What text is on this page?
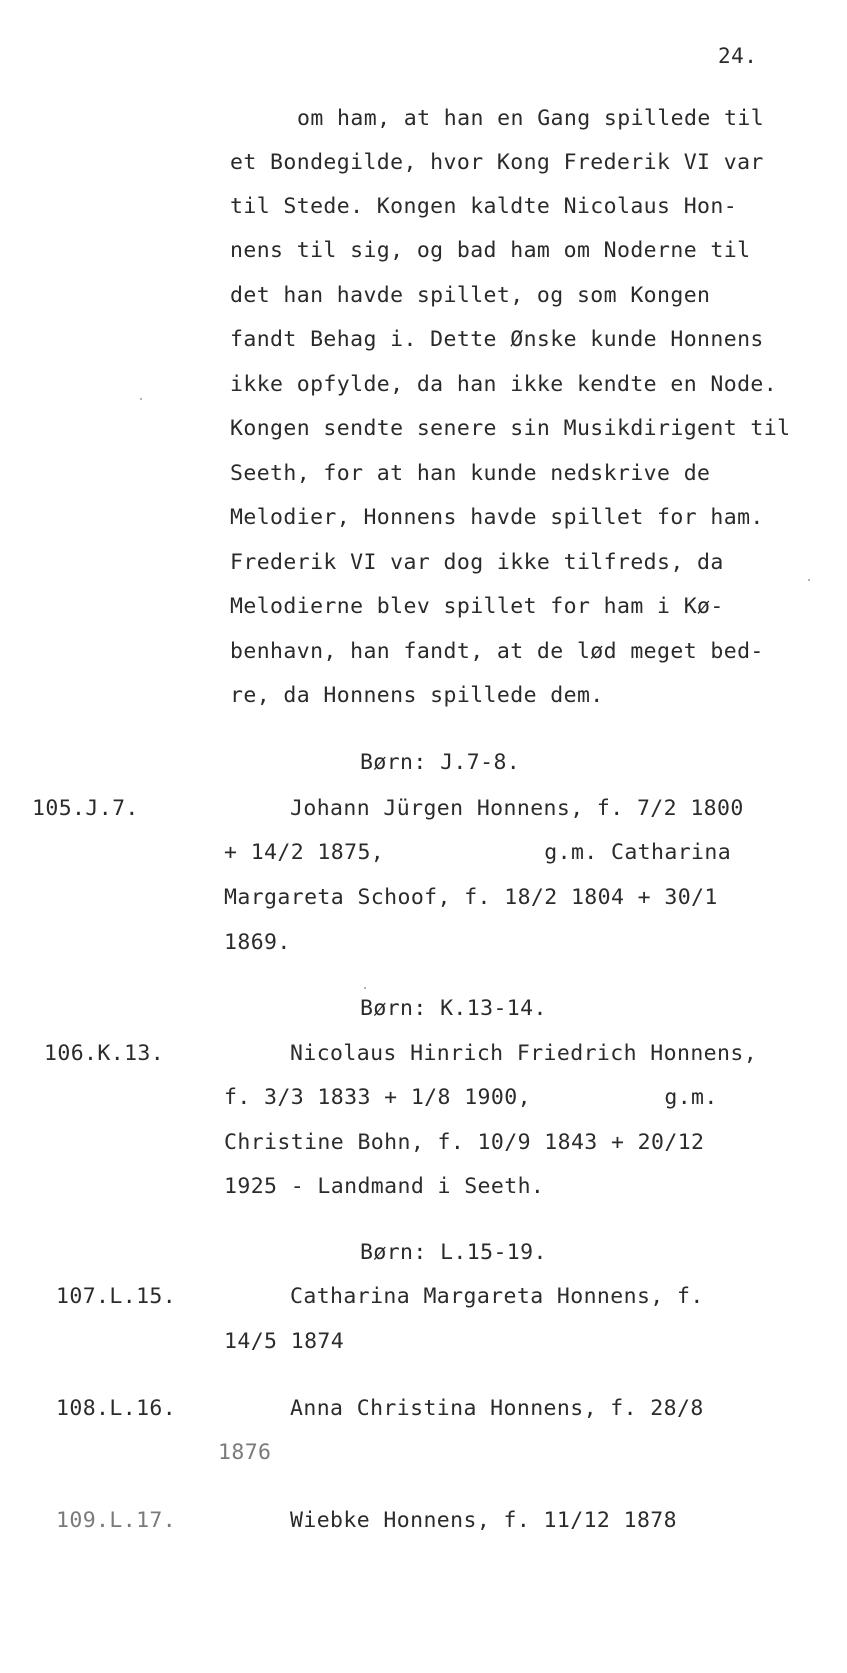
24.
om ham, at han en Gang spillede til
et Bondegilde, hvor Kong Frederik VI var
til Stede. Kongen kaldte Nicolaus Hon-
nens til sig, og bad ham om Noderne til
det han havde spillet, og som Kongen
fandt Behag i. Dette Ønske kunde Honnens
ikke opfylde, da han ikke kendte en Node.
Kongen sendte senere sin Musikdirigent til
Seeth, for at han kunde nedskrive de
Melodier, Honnens havde spillet for ham.
Frederik VI var dog ikke tilfreds, da
Melodierne blev spillet for ham i Kø-
benhavn, han fandt, at de lød meget bed-
re, da Honnens spillede dem.
Børn: J.7-8.
105.J.7.	Johann Jürgen Honnens, f. 7/2 1800
+ 14/2 1875,            g.m. Catharina
Margareta Schoof, f. 18/2 1804 + 30/1
1869.
Børn: K.13-14.
106.K.13.	Nicolaus Hinrich Friedrich Honnens,
f. 3/3 1833 + 1/8 1900,          g.m.
Christine Bohn, f. 10/9 1843 + 20/12
1925 - Landmand i Seeth.
Børn: L.15-19.
107.L.15.	Catharina Margareta Honnens, f.
14/5 1874
108.L.16.	Anna Christina Honnens, f. 28/8
1876
109.L.17.	Wiebke Honnens, f. 11/12 1878
